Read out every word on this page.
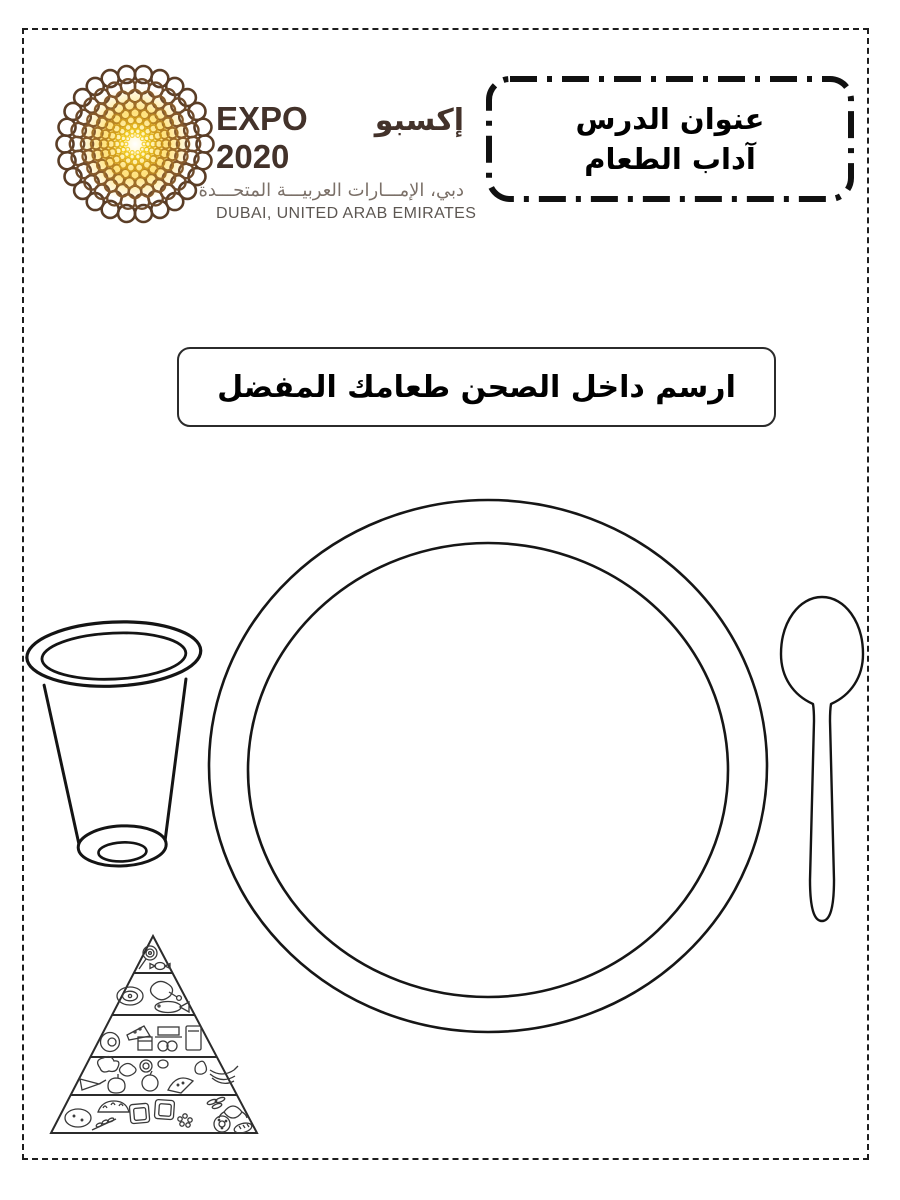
EXPO 2020
إكسبو
دبي، الإمـــارات العربيـــة المتحـــدة
DUBAI, UNITED ARAB EMIRATES
عنوان الدرس
آداب الطعام
ارسم داخل الصحن طعامك المفضل
